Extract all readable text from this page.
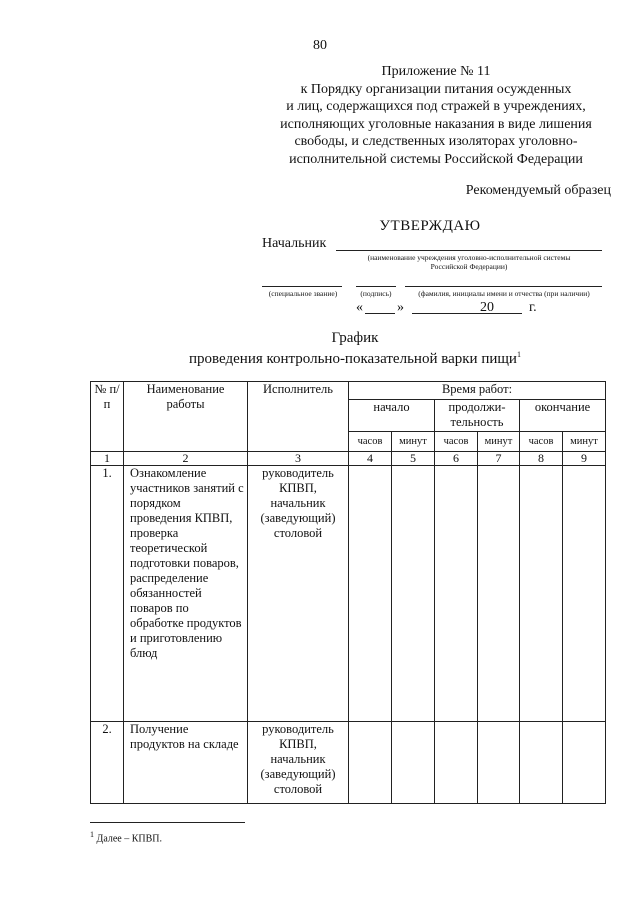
80
Приложение № 11
к Порядку организации питания осужденных
и лиц, содержащихся под стражей в учреждениях,
исполняющих уголовные наказания в виде лишения
свободы, и следственных изоляторах уголовно-
исполнительной системы Российской Федерации
Рекомендуемый образец
УТВЕРЖДАЮ
Начальник
(наименование учреждения уголовно-исполнительной системы
Российской Федерации)
(специальное звание)	(подпись)	(фамилия, инициалы имени и отчества (при наличии)
« »	20	г.
График
проведения контрольно-показательной варки пищи$^1$
№ п/п	Наименование работы	Исполнитель	Время работ:					
			начало		продолжи-тельность		окончание	
			часов	минут	часов	минут	часов	минут
1	2	3	4	5	6	7	8	9
1.	Ознакомление участников занятий с порядком проведения КПВП, проверка теоретической подготовки поваров, распределение обязанностей поваров по обработке продуктов и приготовлению блюд	руководитель КПВП, начальник (заведующий) столовой						
2.	Получение продуктов на складе	руководитель КПВП, начальник (заведующий) столовой						
$^1$ Далее – КПВП.
